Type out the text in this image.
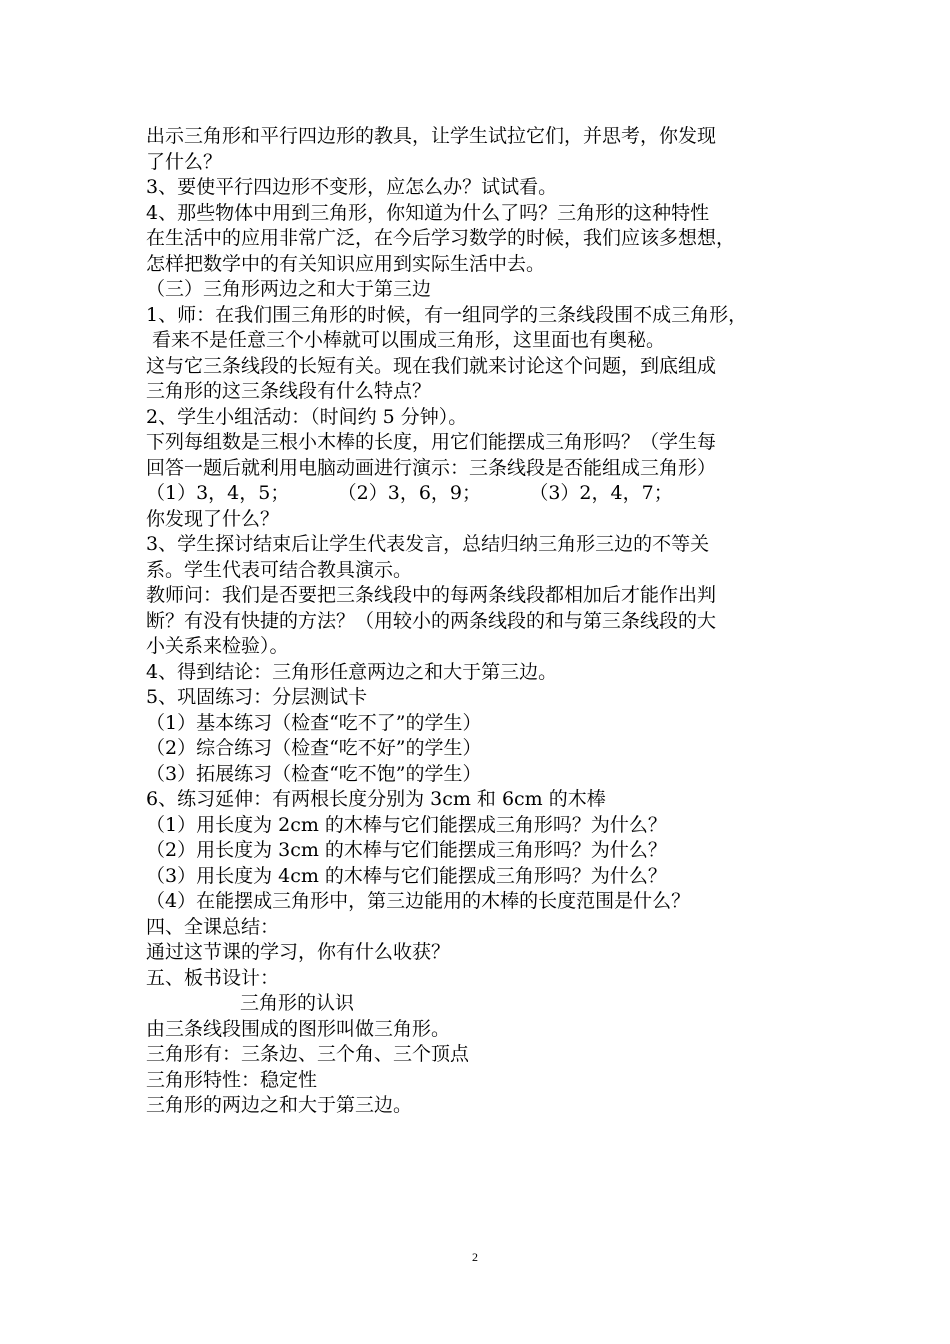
出示三角形和平行四边形的教具，让学生试拉它们，并思考，你发现

了什么？

3、要使平行四边形不变形，应怎么办？试试看。

4、那些物体中用到三角形，你知道为什么了吗？三角形的这种特性

在生活中的应用非常广泛，在今后学习数学的时候，我们应该多想想，

怎样把数学中的有关知识应用到实际生活中去。

（三）三角形两边之和大于第三边

1、师：在我们围三角形的时候，有一组同学的三条线段围不成三角形，

看来不是任意三个小棒就可以围成三角形，这里面也有奥秘。

这与它三条线段的长短有关。现在我们就来讨论这个问题，到底组成

三角形的这三条线段有什么特点？

2、学生小组活动：（时间约 5 分钟）。

下列每组数是三根小木棒的长度，用它们能摆成三角形吗？（学生每

回答一题后就利用电脑动画进行演示：三条线段是否能组成三角形）

（1）3，4，5；        （2）3，6，9；        （3）2，4，7；

你发现了什么？

3、学生探讨结束后让学生代表发言，总结归纳三角形三边的不等关

系。学生代表可结合教具演示。

教师问：我们是否要把三条线段中的每两条线段都相加后才能作出判

断？有没有快捷的方法？（用较小的两条线段的和与第三条线段的大

小关系来检验）。

4、得到结论：三角形任意两边之和大于第三边。

5、巩固练习：分层测试卡

（1）基本练习（检查“吃不了”的学生）

（2）综合练习（检查“吃不好”的学生）

（3）拓展练习（检查“吃不饱”的学生）

6、练习延伸：有两根长度分别为 3cm 和 6cm 的木棒

（1）用长度为 2cm 的木棒与它们能摆成三角形吗？为什么？

（2）用长度为 3cm 的木棒与它们能摆成三角形吗？为什么？

（3）用长度为 4cm 的木棒与它们能摆成三角形吗？为什么？

（4）在能摆成三角形中，第三边能用的木棒的长度范围是什么？

四、全课总结：

通过这节课的学习，你有什么收获？

五、板书设计：

三角形的认识

由三条线段围成的图形叫做三角形。

三角形有：三条边、三个角、三个顶点

三角形特性：稳定性

三角形的两边之和大于第三边。

2
